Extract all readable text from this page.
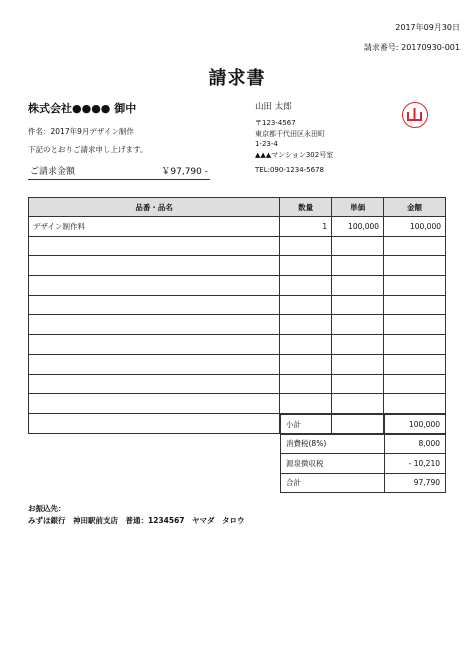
2017年09月30日
請求番号: 20170930-001
請求書
株式会社●●●● 御中
件名：2017年9月デザイン制作
下記のとおりご請求申し上げます。
ご請求金額	￥97,790 -
山田 太郎
〒123-4567
東京都千代田区永田町
1-23-4
▲▲▲マンション302号室
TEL:090-1234-5678
品番・品名	数量	単価	金額
デザイン制作料	1	100,000	100,000

小計	100,000
消費税(8%)	8,000
源泉徴収税	- 10,210
合計	97,790
お振込先：
みずほ銀行　神田駅前支店　普通：1234567　ヤマダ　タロウ
